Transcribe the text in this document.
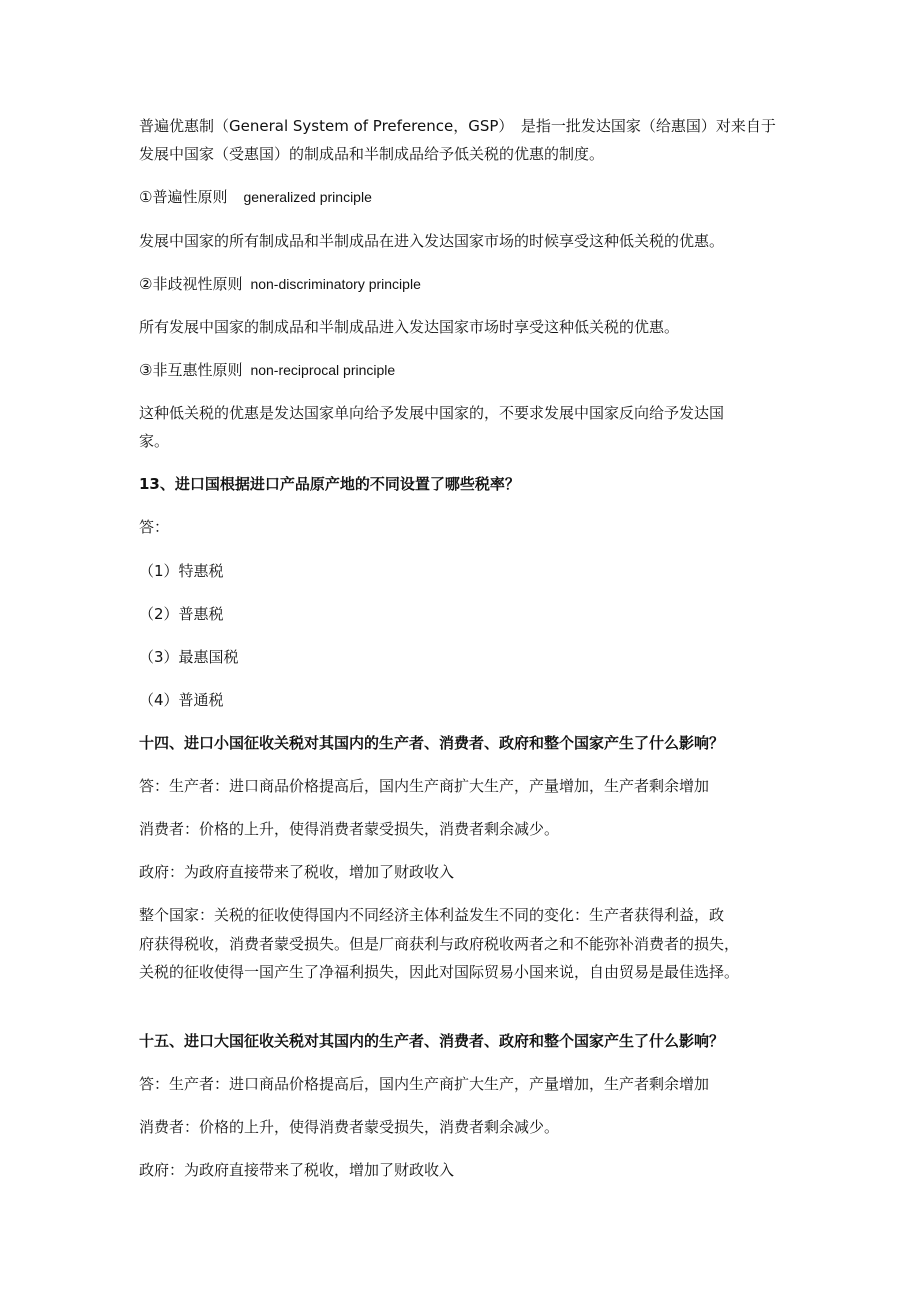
普遍优惠制（General System of Preference，GSP）　是指一批发达国家（给惠国）对来自于
发展中国家（受惠国）的制成品和半制成品给予低关税的优惠的制度。
①普遍性原则 generalized principle
发展中国家的所有制成品和半制成品在进入发达国家市场的时候享受这种低关税的优惠。
②非歧视性原则 non-discriminatory principle
所有发展中国家的制成品和半制成品进入发达国家市场时享受这种低关税的优惠。
③非互惠性原则 non-reciprocal principle
这种低关税的优惠是发达国家单向给予发展中国家的，不要求发展中国家反向给予发达国
家。
13、进口国根据进口产品原产地的不同设置了哪些税率？
答：
（1）特惠税
（2）普惠税
（3）最惠国税
（4）普通税
十四、进口小国征收关税对其国内的生产者、消费者、政府和整个国家产生了什么影响？
答：生产者：进口商品价格提高后，国内生产商扩大生产，产量增加，生产者剩余增加
消费者：价格的上升，使得消费者蒙受损失，消费者剩余减少。
政府：为政府直接带来了税收，增加了财政收入
整个国家：关税的征收使得国内不同经济主体利益发生不同的变化：生产者获得利益，政
府获得税收，消费者蒙受损失。但是厂商获利与政府税收两者之和不能弥补消费者的损失，
关税的征收使得一国产生了净福利损失，因此对国际贸易小国来说，自由贸易是最佳选择。
十五、进口大国征收关税对其国内的生产者、消费者、政府和整个国家产生了什么影响？
答：生产者：进口商品价格提高后，国内生产商扩大生产，产量增加，生产者剩余增加
消费者：价格的上升，使得消费者蒙受损失，消费者剩余减少。
政府：为政府直接带来了税收，增加了财政收入
